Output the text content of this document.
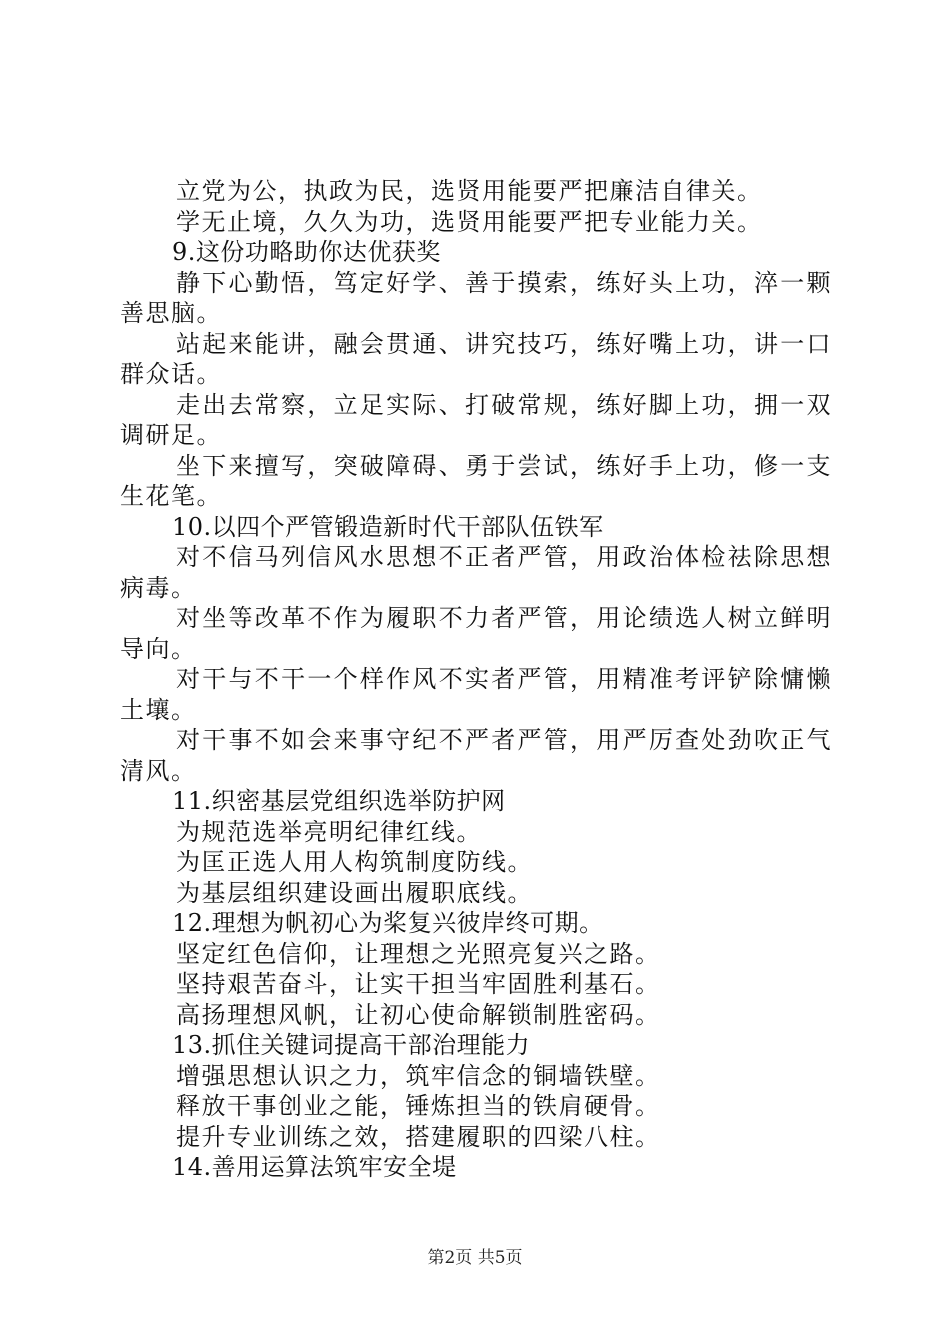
立党为公，执政为民，选贤用能要严把廉洁自律关。

学无止境，久久为功，选贤用能要严把专业能力关。

9.这份功略助你达优获奖

静下心勤悟，笃定好学、善于摸索，练好头上功，淬一颗善思脑。

站起来能讲，融会贯通、讲究技巧，练好嘴上功，讲一口群众话。

走出去常察，立足实际、打破常规，练好脚上功，拥一双调研足。

坐下来擅写，突破障碍、勇于尝试，练好手上功，修一支生花笔。

10.以四个严管锻造新时代干部队伍铁军

对不信马列信风水思想不正者严管，用政治体检祛除思想病毒。

对坐等改革不作为履职不力者严管，用论绩选人树立鲜明导向。

对干与不干一个样作风不实者严管，用精准考评铲除慵懒土壤。

对干事不如会来事守纪不严者严管，用严厉查处劲吹正气清风。

11.织密基层党组织选举防护网

为规范选举亮明纪律红线。

为匡正选人用人构筑制度防线。

为基层组织建设画出履职底线。

12.理想为帆初心为桨复兴彼岸终可期。

坚定红色信仰，让理想之光照亮复兴之路。

坚持艰苦奋斗，让实干担当牢固胜利基石。

高扬理想风帆，让初心使命解锁制胜密码。

13.抓住关键词提高干部治理能力

增强思想认识之力，筑牢信念的铜墙铁壁。

释放干事创业之能，锤炼担当的铁肩硬骨。

提升专业训练之效，搭建履职的四梁八柱。

14.善用运算法筑牢安全堤

第2页 共5页
